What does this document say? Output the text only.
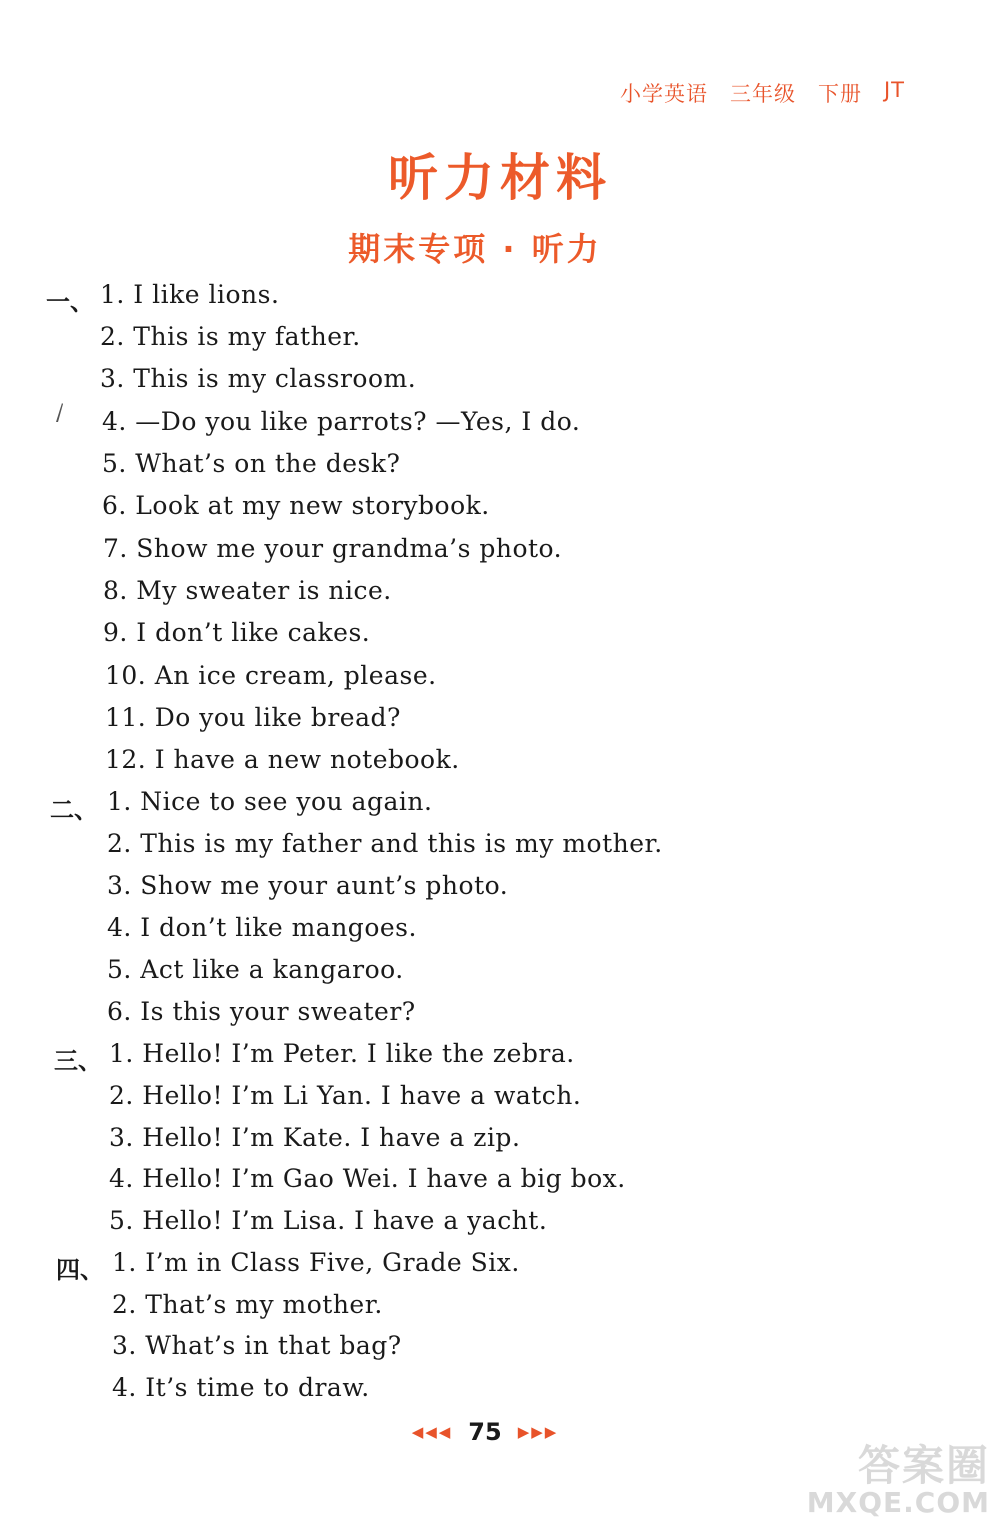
小学英语 三年级 下册 JT
听力材料
期末专项 · 听力
一、 1. I like lions.
2. This is my father.
3. This is my classroom.
4. —Do you like parrots? —Yes, I do.
5. What’s on the desk?
6. Look at my new storybook.
7. Show me your grandma’s photo.
8. My sweater is nice.
9. I don’t like cakes.
10. An ice cream, please.
11. Do you like bread?
12. I have a new notebook.
二、 1. Nice to see you again.
2. This is my father and this is my mother.
3. Show me your aunt’s photo.
4. I don’t like mangoes.
5. Act like a kangaroo.
6. Is this your sweater?
三、 1. Hello! I’m Peter. I like the zebra.
2. Hello! I’m Li Yan. I have a watch.
3. Hello! I’m Kate. I have a zip.
4. Hello! I’m Gao Wei. I have a big box.
5. Hello! I’m Lisa. I have a yacht.
四、 1. I’m in Class Five, Grade Six.
2. That’s my mother.
3. What’s in that bag?
4. It’s time to draw.
◀◀◀ 75 ▶▶▶
答案圈
MXQE.COM
